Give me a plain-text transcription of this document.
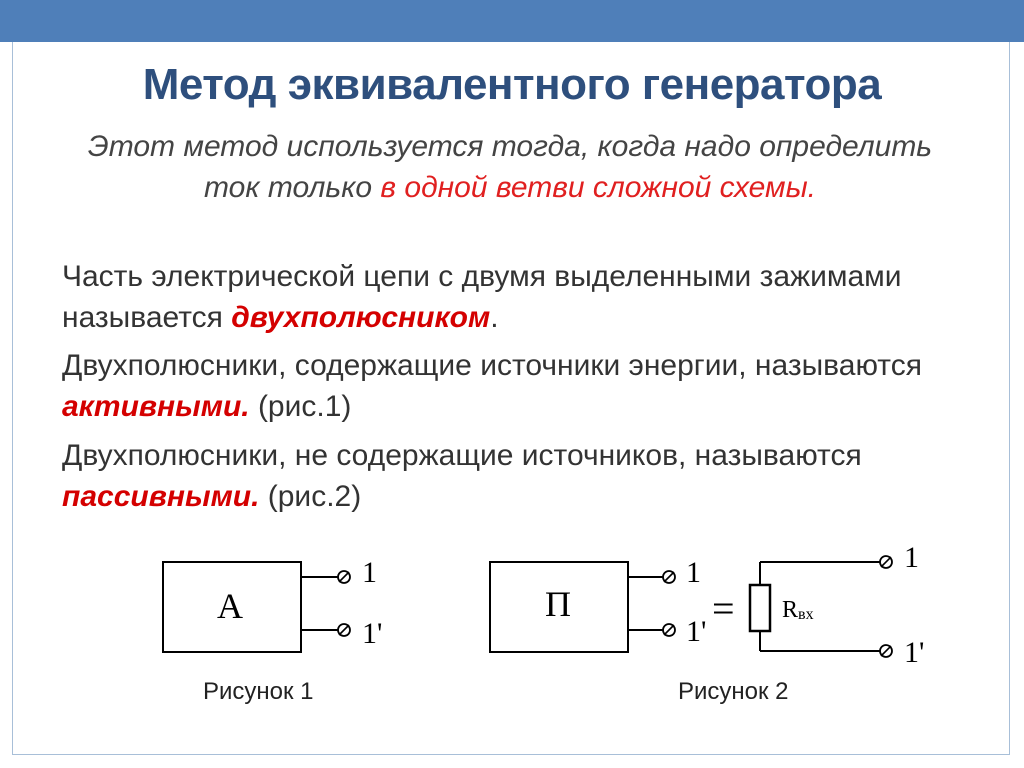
Метод эквивалентного генератора
Этот метод используется тогда, когда надо определить ток только в одной ветви сложной схемы.
Часть электрической цепи с двумя выделенными зажимами называется двухполюсником.
Двухполюсники, содержащие источники энергии, называются активными. (рис.1)
Двухполюсники, не содержащие источников, называются пассивными. (рис.2)
A
1
1'
Рисунок 1
П
1
1'
= Rвх
1
1'
Рисунок 2
